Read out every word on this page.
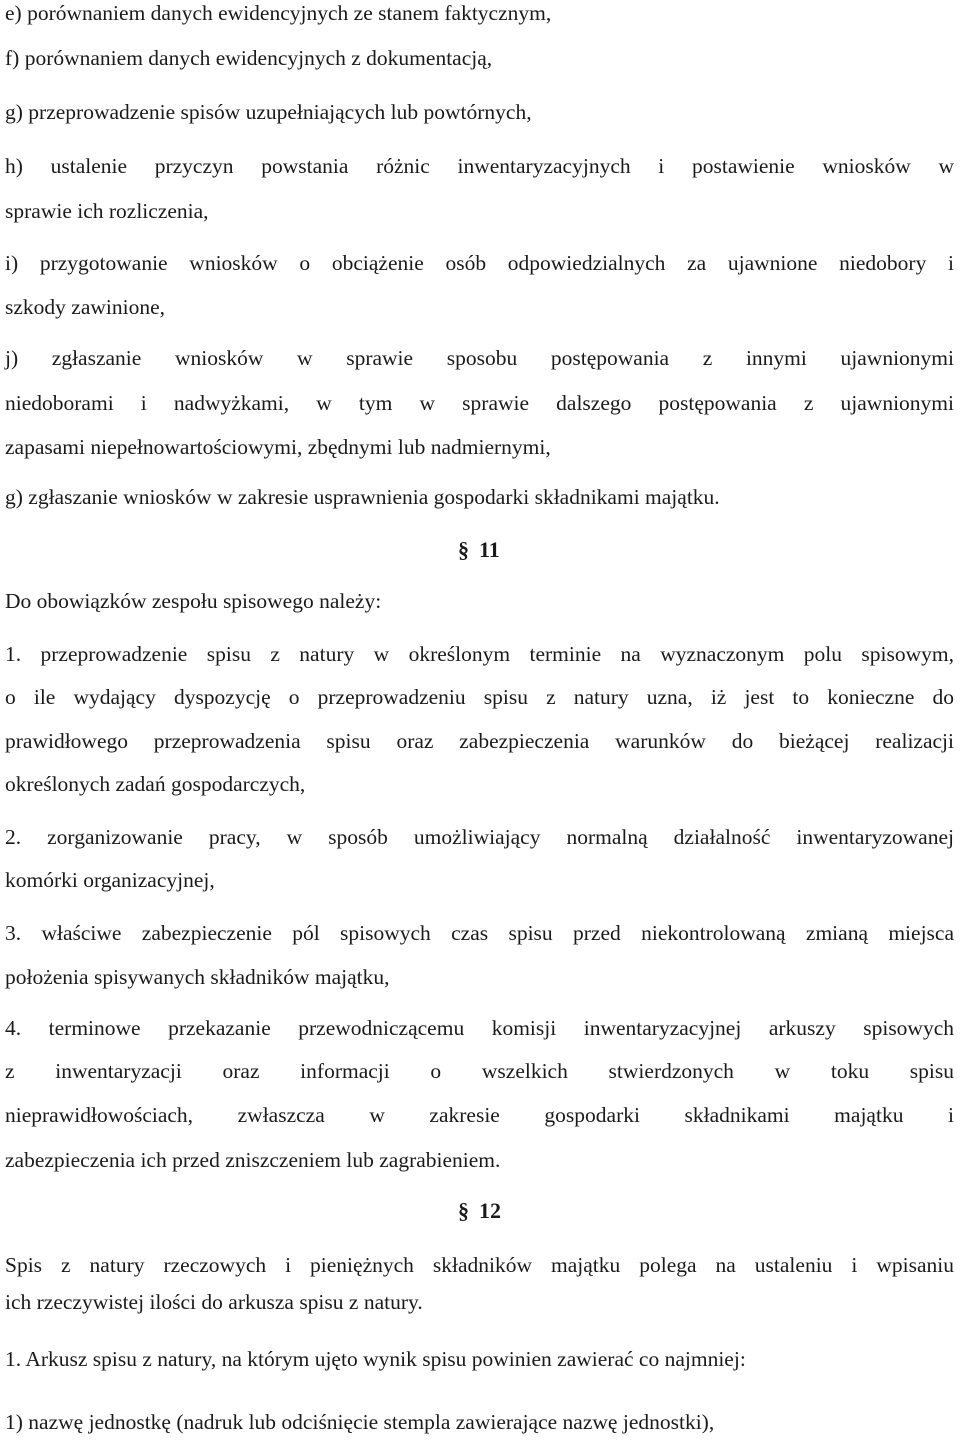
e) porównaniem danych ewidencyjnych ze stanem faktycznym,
f) porównaniem danych ewidencyjnych z dokumentacją,
g) przeprowadzenie spisów uzupełniających lub powtórnych,
h) ustalenie przyczyn powstania różnic inwentaryzacyjnych i postawienie wniosków w
sprawie ich rozliczenia,
i) przygotowanie wniosków o obciążenie osób odpowiedzialnych za ujawnione niedobory i
szkody zawinione,
j) zgłaszanie wniosków w sprawie sposobu postępowania z innymi ujawnionymi
niedoborami i nadwyżkami, w tym w sprawie dalszego postępowania z ujawnionymi
zapasami niepełnowartościowymi, zbędnymi lub nadmiernymi,
g) zgłaszanie wniosków w zakresie usprawnienia gospodarki składnikami majątku.
§ 11
Do obowiązków zespołu spisowego należy:
1. przeprowadzenie spisu z natury w określonym terminie na wyznaczonym polu spisowym,
o ile wydający dyspozycję o przeprowadzeniu spisu z natury uzna, iż jest to konieczne do
prawidłowego przeprowadzenia spisu oraz zabezpieczenia warunków do bieżącej realizacji
określonych zadań gospodarczych,
2. zorganizowanie pracy, w sposób umożliwiający normalną działalność inwentaryzowanej
komórki organizacyjnej,
3. właściwe zabezpieczenie pól spisowych czas spisu przed niekontrolowaną zmianą miejsca
położenia spisywanych składników majątku,
4. terminowe przekazanie przewodniczącemu komisji inwentaryzacyjnej arkuszy spisowych
z inwentaryzacji oraz informacji o wszelkich stwierdzonych w toku spisu
nieprawidłowościach, zwłaszcza w zakresie gospodarki składnikami majątku i
zabezpieczenia ich przed zniszczeniem lub zagrabieniem.
§ 12
Spis z natury rzeczowych i pieniężnych składników majątku polega na ustaleniu i wpisaniu
ich rzeczywistej ilości do arkusza spisu z natury.
1. Arkusz spisu z natury, na którym ujęto wynik spisu powinien zawierać co najmniej:
1) nazwę jednostkę (nadruk lub odciśnięcie stempla zawierające nazwę jednostki),
